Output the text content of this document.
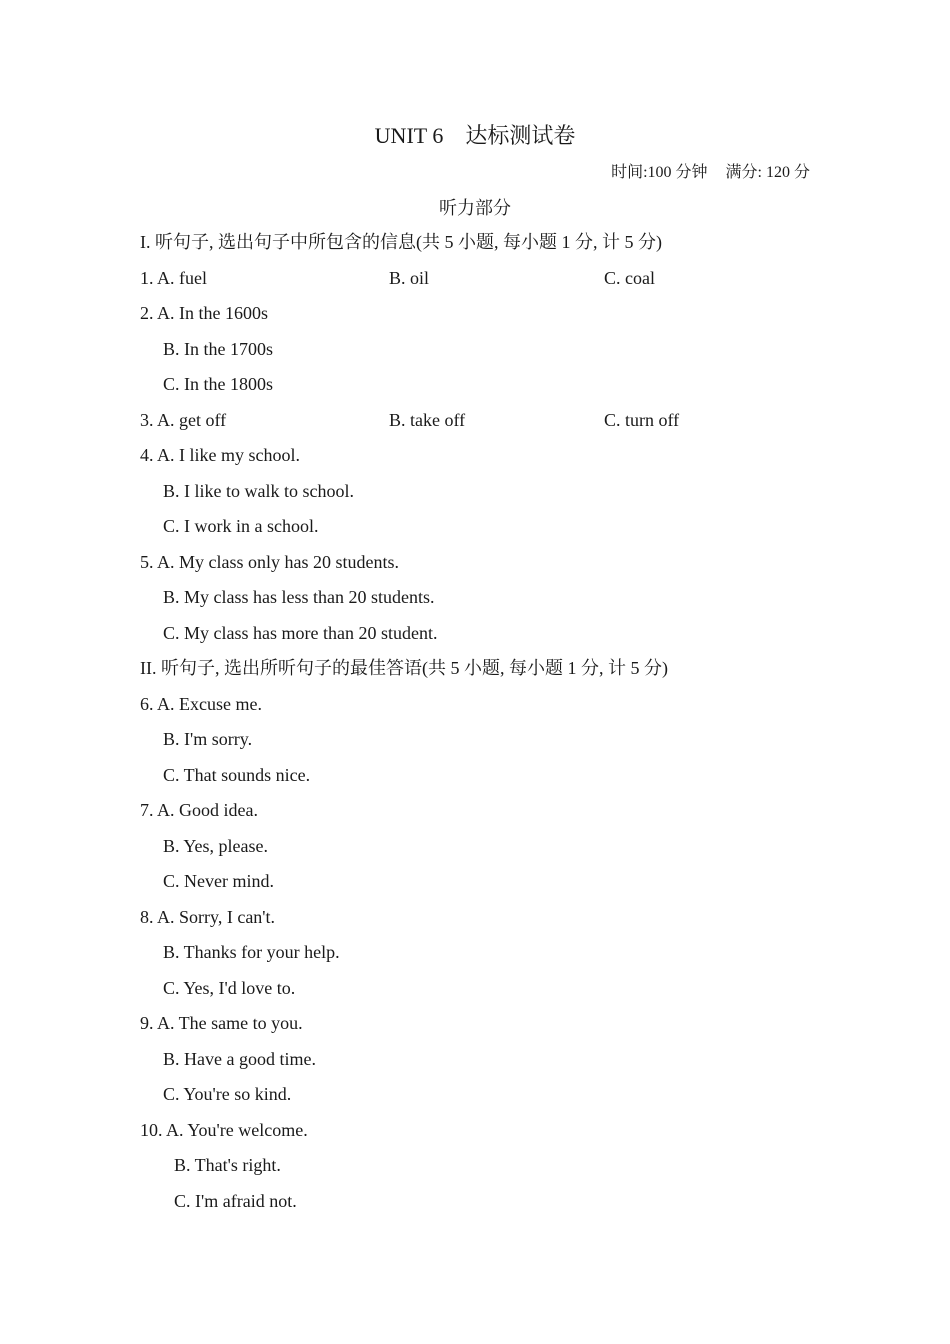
UNIT 6　达标测试卷
时间:100 分钟 满分: 120 分
听力部分
I. 听句子, 选出句子中所包含的信息(共 5 小题, 每小题 1 分, 计 5 分)
1. A. fuel	B. oil	C. coal
2. A. In the 1600s
B. In the 1700s
C. In the 1800s
3. A. get off	B. take off	C. turn off
4. A. I like my school.
B. I like to walk to school.
C. I work in a school.
5. A. My class only has 20 students.
B. My class has less than 20 students.
C. My class has more than 20 student.
II. 听句子, 选出所听句子的最佳答语(共 5 小题, 每小题 1 分, 计 5 分)
6. A. Excuse me.
B. I'm sorry.
C. That sounds nice.
7. A. Good idea.
B. Yes, please.
C. Never mind.
8. A. Sorry, I can't.
B. Thanks for your help.
C. Yes, I'd love to.
9. A. The same to you.
B. Have a good time.
C. You're so kind.
10. A. You're welcome.
B. That's right.
C. I'm afraid not.
